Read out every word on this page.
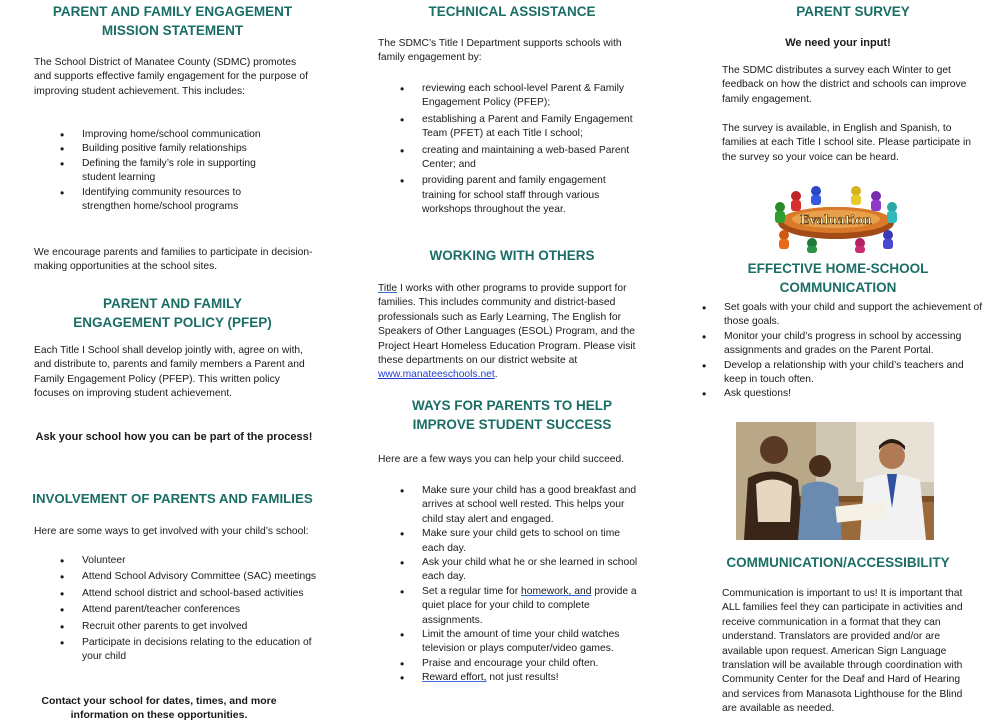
PARENT AND FAMILY ENGAGEMENT
MISSION STATEMENT
The School District of Manatee County (SDMC) promotes and supports effective family engagement for the purpose of improving student achievement. This includes:
• Improving home/school communication
• Building positive family relationships
• Defining the family’s role in supporting student learning
• Identifying community resources to strengthen home/school programs
We encourage parents and families to participate in decision-making opportunities at the school sites.
PARENT AND FAMILY
ENGAGEMENT POLICY (PFEP)
Each Title I School shall develop jointly with, agree on with, and distribute to, parents and family members a Parent and Family Engagement Policy (PFEP). This written policy focuses on improving student achievement.
Ask your school how you can be part of the process!
INVOLVEMENT OF PARENTS AND FAMILIES
Here are some ways to get involved with your child’s school:
• Volunteer
• Attend School Advisory Committee (SAC) meetings
• Attend school district and school-based activities
• Attend parent/teacher conferences
• Recruit other parents to get involved
• Participate in decisions relating to the education of your child
Contact your school for dates, times, and more information on these opportunities.
TECHNICAL ASSISTANCE
The SDMC’s Title I Department supports schools with family engagement by:
• reviewing each school-level Parent & Family Engagement Policy (PFEP);
• establishing a Parent and Family Engagement Team (PFET) at each Title I school;
• creating and maintaining a web-based Parent Center; and
• providing parent and family engagement training for school staff through various workshops throughout the year.
WORKING WITH OTHERS
Title I works with other programs to provide support for families. This includes community and district-based professionals such as Early Learning, The English for Speakers of Other Languages (ESOL) Program, and the Project Heart Homeless Education Program. Please visit these departments on our district website at www.manateeschools.net.
WAYS FOR PARENTS TO HELP
IMPROVE STUDENT SUCCESS
Here are a few ways you can help your child succeed.
• Make sure your child has a good breakfast and arrives at school well rested. This helps your child stay alert and engaged.
• Make sure your child gets to school on time each day.
• Ask your child what he or she learned in school each day.
• Set a regular time for homework, and provide a quiet place for your child to complete assignments.
• Limit the amount of time your child watches television or plays computer/video games.
• Praise and encourage your child often.
• Reward effort, not just results!
PARENT SURVEY
We need your input!
The SDMC distributes a survey each Winter to get feedback on how the district and schools can improve family engagement.
The survey is available, in English and Spanish, to families at each Title I school site. Please participate in the survey so your voice can be heard.
Evaluation
EFFECTIVE HOME-SCHOOL
COMMUNICATION
• Set goals with your child and support the achievement of those goals.
• Monitor your child’s progress in school by accessing assignments and grades on the Parent Portal.
• Develop a relationship with your child’s teachers and keep in touch often.
• Ask questions!
COMMUNICATION/ACCESSIBILITY
Communication is important to us! It is important that ALL families feel they can participate in activities and receive communication in a format that they can understand. Translators are provided and/or are available upon request. American Sign Language translation will be available through coordination with Community Center for the Deaf and Hard of Hearing and services from Manasota Lighthouse for the Blind are available as needed.
